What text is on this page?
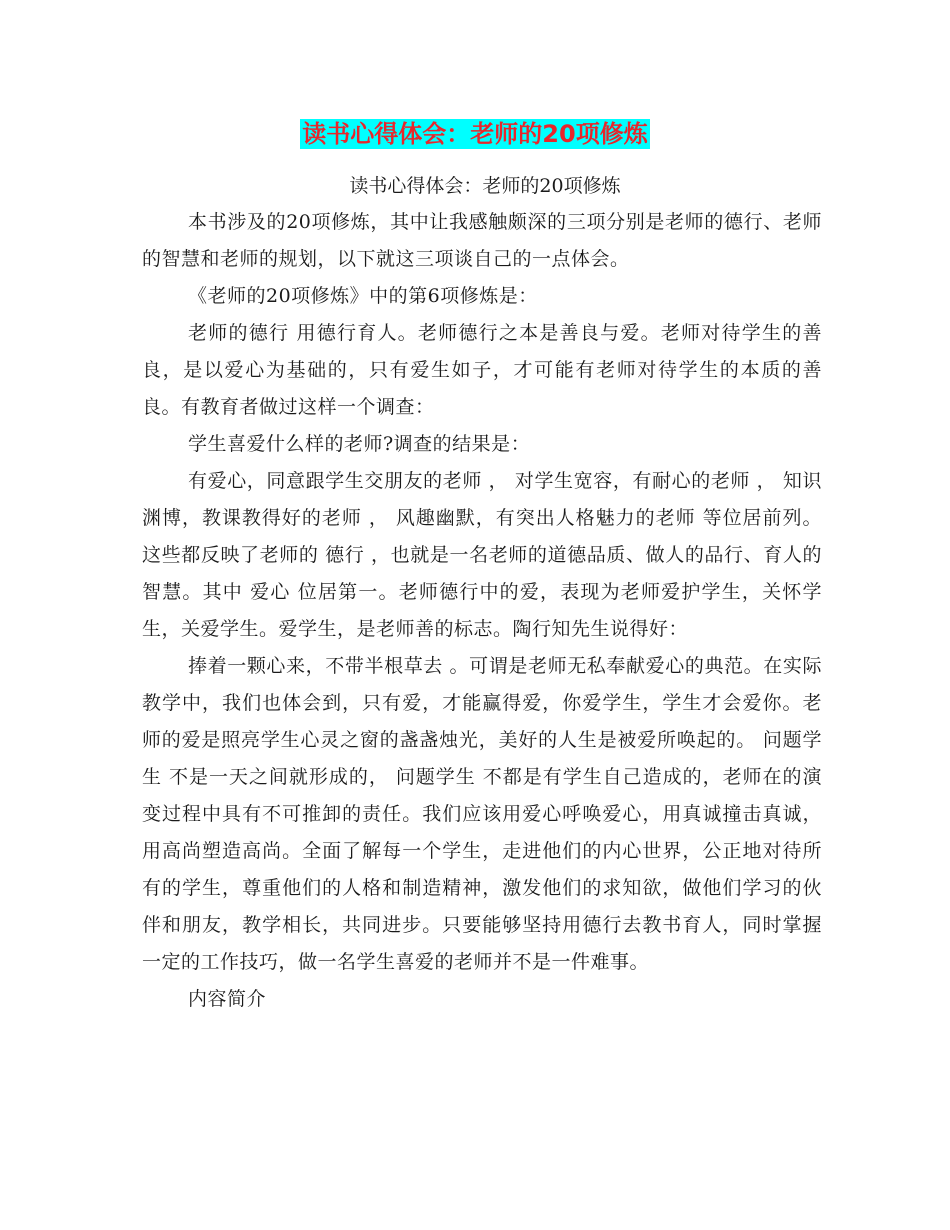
读书心得体会：老师的20项修炼

读书心得体会：老师的20项修炼

本书涉及的20项修炼，其中让我感触颇深的三项分别是老师的德行、老师的智慧和老师的规划，以下就这三项谈自己的一点体会。

《老师的20项修炼》中的第6项修炼是：

老师的德行 用德行育人。老师德行之本是善良与爱。老师对待学生的善良，是以爱心为基础的，只有爱生如子，才可能有老师对待学生的本质的善良。有教育者做过这样一个调查：

学生喜爱什么样的老师?调查的结果是：

有爱心，同意跟学生交朋友的老师 ， 对学生宽容，有耐心的老师 ， 知识渊博，教课教得好的老师 ， 风趣幽默，有突出人格魅力的老师 等位居前列。这些都反映了老师的 德行 ，也就是一名老师的道德品质、做人的品行、育人的智慧。其中 爱心 位居第一。老师德行中的爱，表现为老师爱护学生，关怀学生，关爱学生。爱学生，是老师善的标志。陶行知先生说得好：

捧着一颗心来，不带半根草去 。可谓是老师无私奉献爱心的典范。在实际教学中，我们也体会到，只有爱，才能赢得爱，你爱学生，学生才会爱你。老师的爱是照亮学生心灵之窗的盏盏烛光，美好的人生是被爱所唤起的。 问题学生 不是一天之间就形成的， 问题学生 不都是有学生自己造成的，老师在的演变过程中具有不可推卸的责任。我们应该用爱心呼唤爱心，用真诚撞击真诚，用高尚塑造高尚。全面了解每一个学生，走进他们的内心世界，公正地对待所有的学生，尊重他们的人格和制造精神，激发他们的求知欲，做他们学习的伙伴和朋友，教学相长，共同进步。只要能够坚持用德行去教书育人，同时掌握一定的工作技巧，做一名学生喜爱的老师并不是一件难事。

内容简介
